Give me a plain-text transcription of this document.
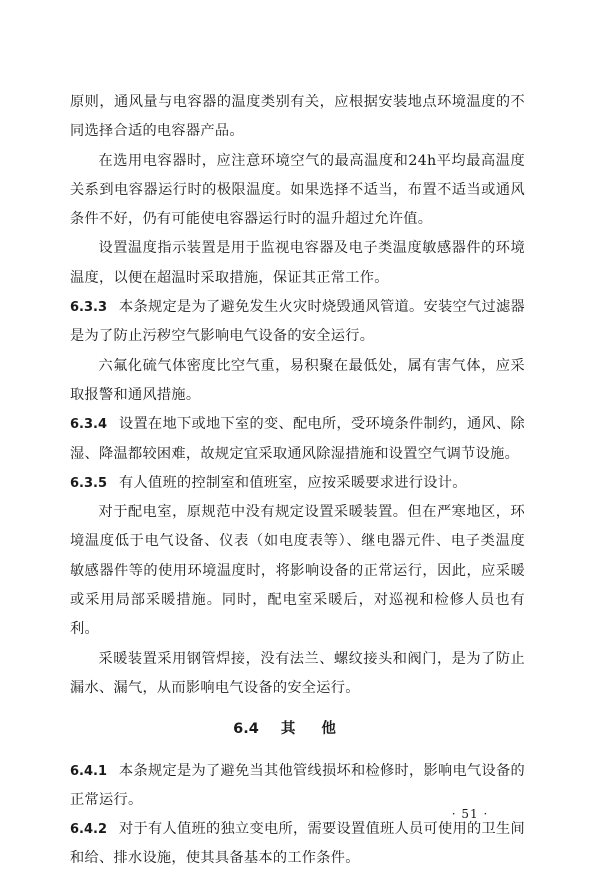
原则，通风量与电容器的温度类别有关，应根据安装地点环境温度的不同选择合适的电容器产品。

在选用电容器时，应注意环境空气的最高温度和24h平均最高温度关系到电容器运行时的极限温度。如果选择不适当，布置不适当或通风条件不好，仍有可能使电容器运行时的温升超过允许值。

设置温度指示装置是用于监视电容器及电子类温度敏感器件的环境温度，以便在超温时采取措施，保证其正常工作。

6.3.3 本条规定是为了避免发生火灾时烧毁通风管道。安装空气过滤器是为了防止污秽空气影响电气设备的安全运行。

六氟化硫气体密度比空气重，易积聚在最低处，属有害气体，应采取报警和通风措施。

6.3.4 设置在地下或地下室的变、配电所，受环境条件制约，通风、除湿、降温都较困难，故规定宜采取通风除湿措施和设置空气调节设施。

6.3.5 有人值班的控制室和值班室，应按采暖要求进行设计。

对于配电室，原规范中没有规定设置采暖装置。但在严寒地区，环境温度低于电气设备、仪表（如电度表等）、继电器元件、电子类温度敏感器件等的使用环境温度时，将影响设备的正常运行，因此，应采暖或采用局部采暖措施。同时，配电室采暖后，对巡视和检修人员也有利。

采暖装置采用钢管焊接，没有法兰、螺纹接头和阀门，是为了防止漏水、漏气，从而影响电气设备的安全运行。

6.4 其他

6.4.1 本条规定是为了避免当其他管线损坏和检修时，影响电气设备的正常运行。

6.4.2 对于有人值班的独立变电所，需要设置值班人员可使用的卫生间和给、排水设施，使其具备基本的工作条件。

· 51 ·
